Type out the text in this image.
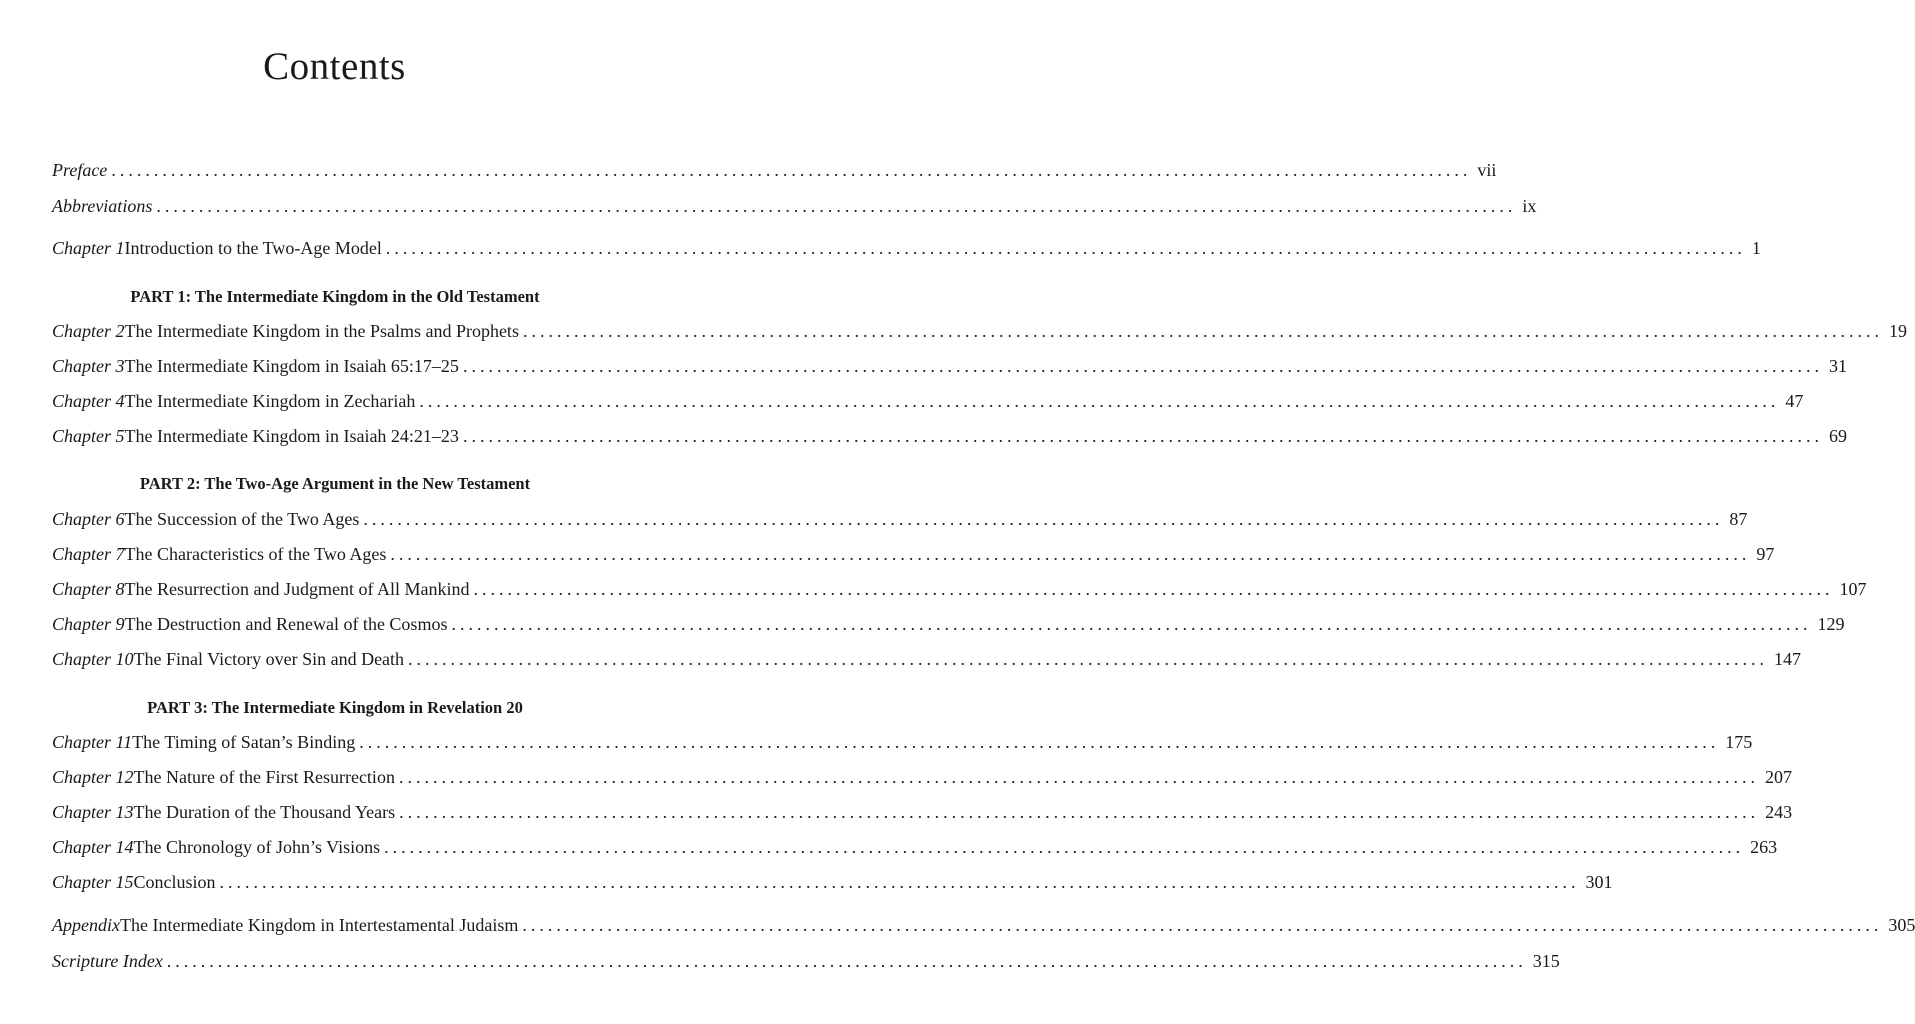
Contents
Preface ................................................................................................................................................................ vii
Abbreviations ................................................................................................................................................................ ix
Chapter 1 Introduction to the Two-Age Model ................................................................................................................................................................ 1
PART 1: The Intermediate Kingdom in the Old Testament
Chapter 2 The Intermediate Kingdom in the Psalms and Prophets ................................................................................................................................................................ 19
Chapter 3 The Intermediate Kingdom in Isaiah 65:17–25 ................................................................................................................................................................ 31
Chapter 4 The Intermediate Kingdom in Zechariah ................................................................................................................................................................ 47
Chapter 5 The Intermediate Kingdom in Isaiah 24:21–23 ................................................................................................................................................................ 69
PART 2: The Two-Age Argument in the New Testament
Chapter 6 The Succession of the Two Ages ................................................................................................................................................................ 87
Chapter 7 The Characteristics of the Two Ages ................................................................................................................................................................ 97
Chapter 8 The Resurrection and Judgment of All Mankind ................................................................................................................................................................ 107
Chapter 9 The Destruction and Renewal of the Cosmos ................................................................................................................................................................ 129
Chapter 10 The Final Victory over Sin and Death ................................................................................................................................................................ 147
PART 3: The Intermediate Kingdom in Revelation 20
Chapter 11 The Timing of Satan’s Binding ................................................................................................................................................................ 175
Chapter 12 The Nature of the First Resurrection ................................................................................................................................................................ 207
Chapter 13 The Duration of the Thousand Years ................................................................................................................................................................ 243
Chapter 14 The Chronology of John’s Visions ................................................................................................................................................................ 263
Chapter 15 Conclusion ................................................................................................................................................................ 301
Appendix The Intermediate Kingdom in Intertestamental Judaism ................................................................................................................................................................ 305
Scripture Index ................................................................................................................................................................ 315
